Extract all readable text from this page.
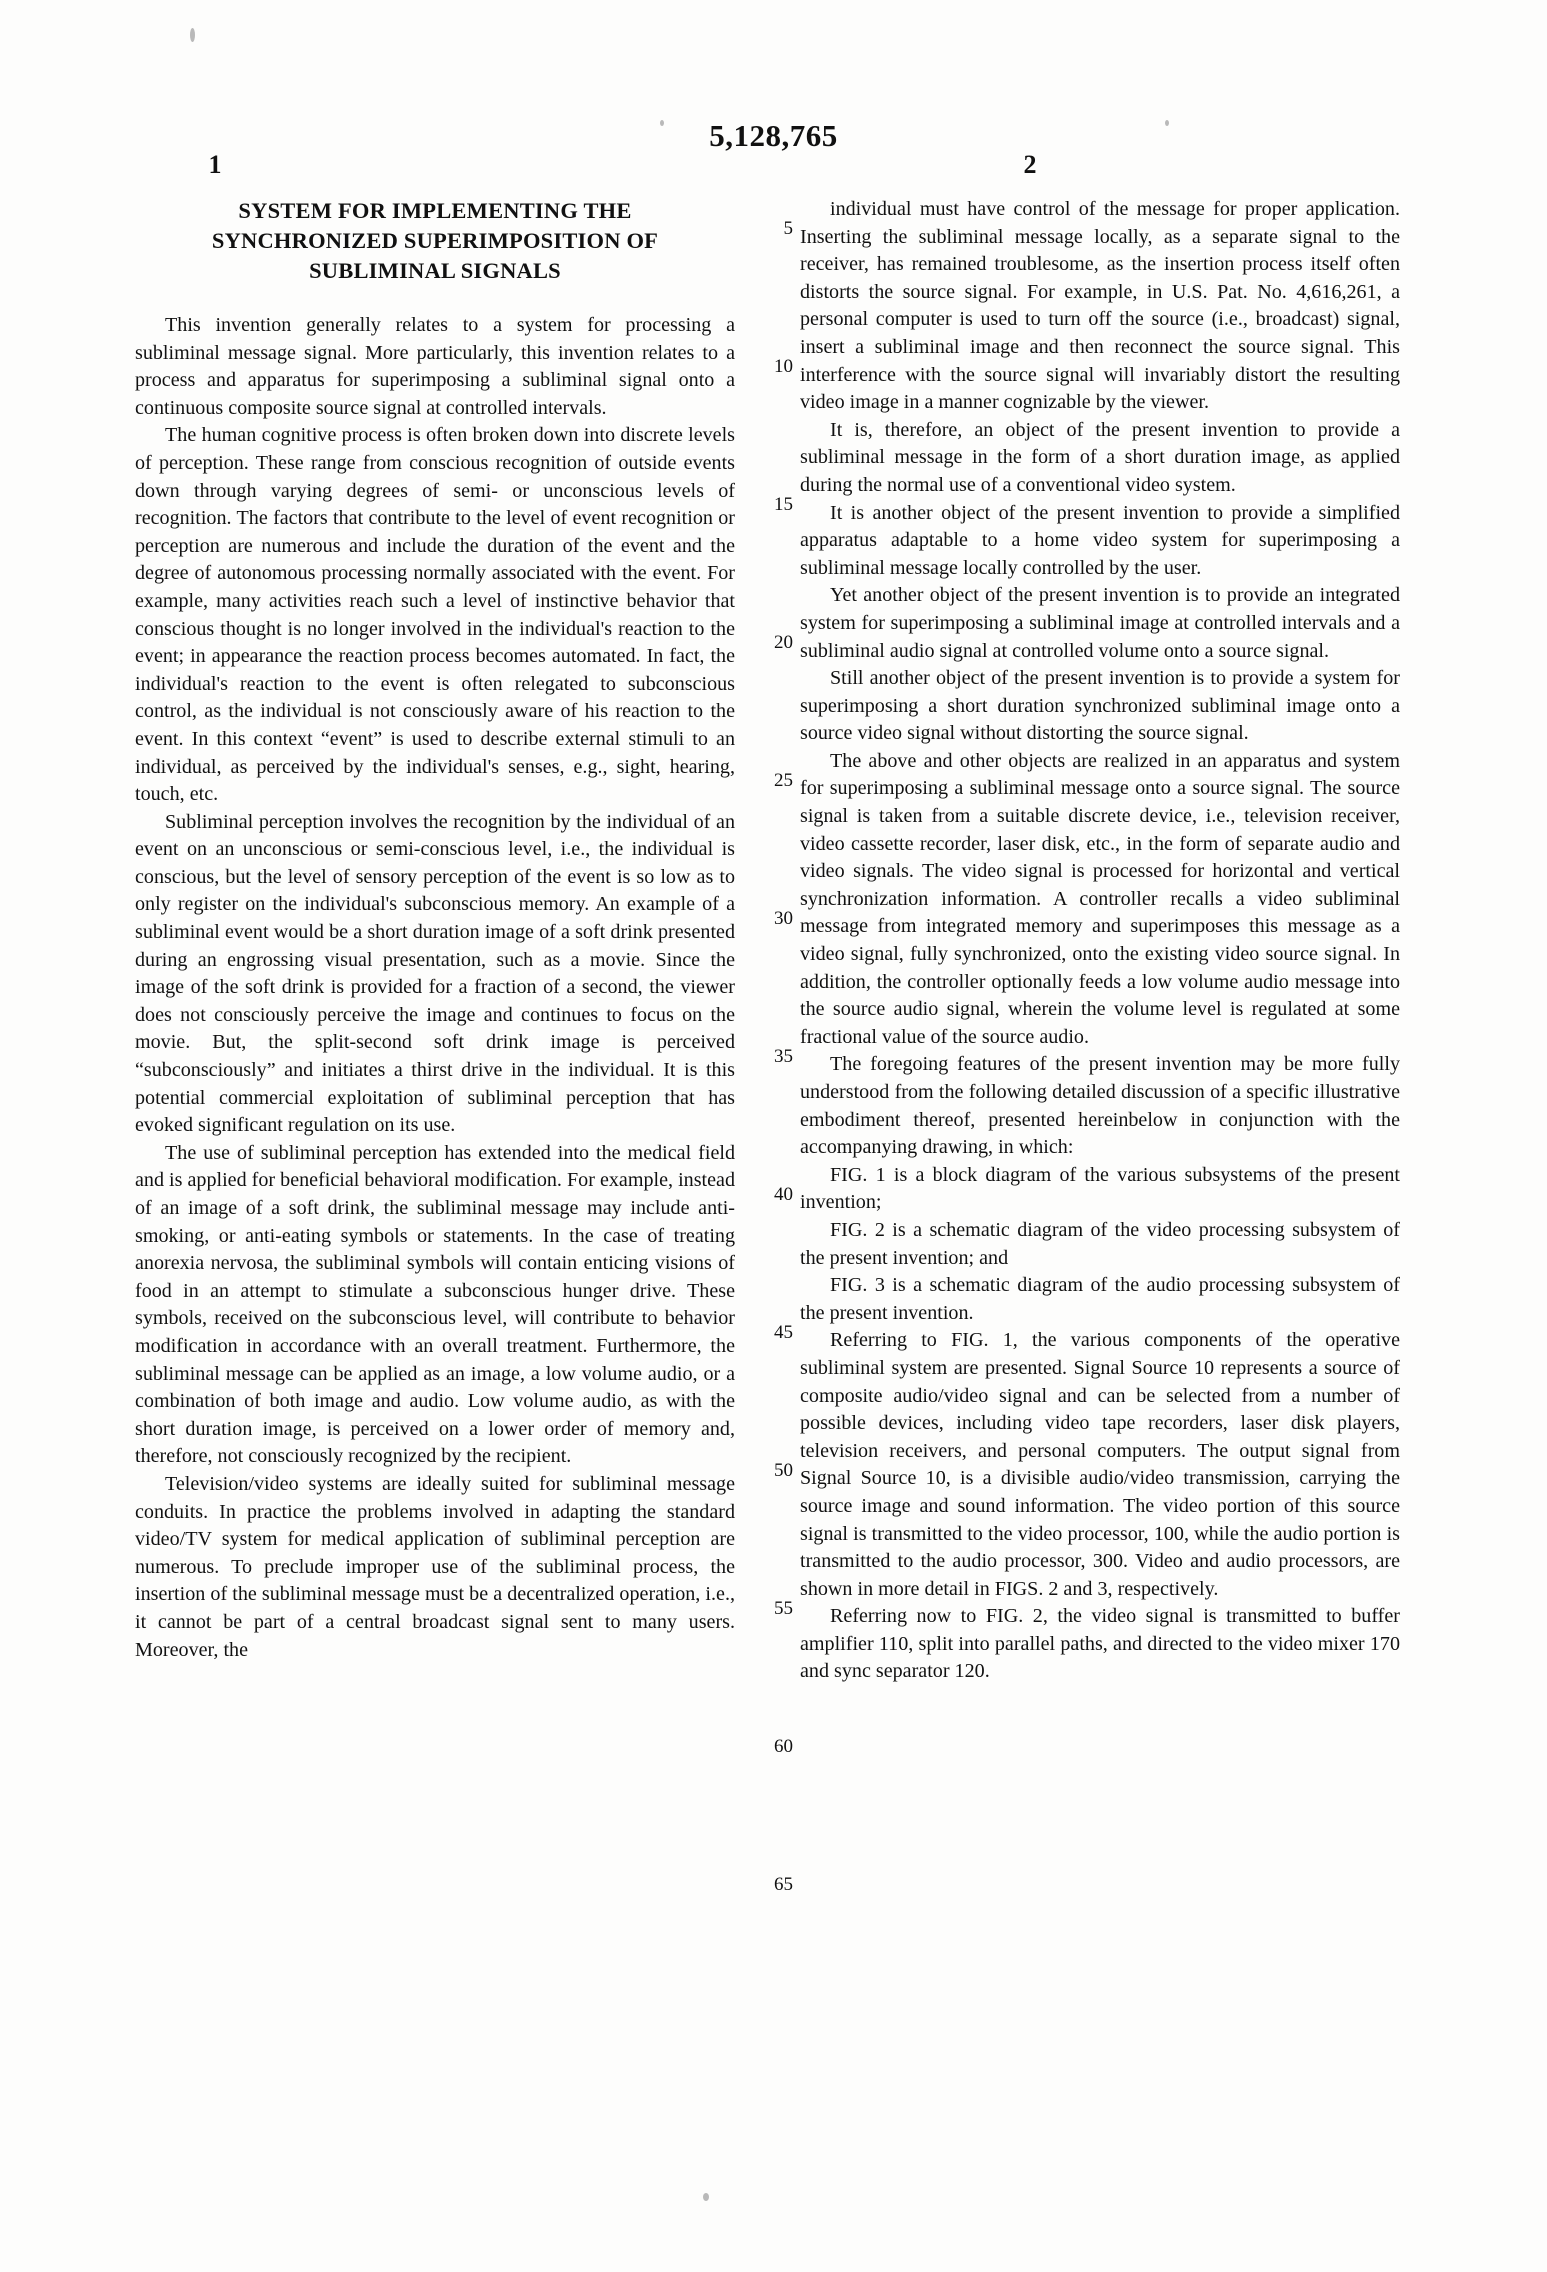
5,128,765
1	2
SYSTEM FOR IMPLEMENTING THE
SYNCHRONIZED SUPERIMPOSITION OF
SUBLIMINAL SIGNALS

This invention generally relates to a system for processing a subliminal message signal. More particularly, this invention relates to a process and apparatus for superimposing a subliminal signal onto a continuous composite source signal at controlled intervals.

The human cognitive process is often broken down into discrete levels of perception. These range from conscious recognition of outside events down through varying degrees of semi- or unconscious levels of recognition. The factors that contribute to the level of event recognition or perception are numerous and include the duration of the event and the degree of autonomous processing normally associated with the event. For example, many activities reach such a level of instinctive behavior that conscious thought is no longer involved in the individual's reaction to the event; in appearance the reaction process becomes automated. In fact, the individual's reaction to the event is often relegated to subconscious control, as the individual is not consciously aware of his reaction to the event. In this context “event” is used to describe external stimuli to an individual, as perceived by the individual's senses, e.g., sight, hearing, touch, etc.

Subliminal perception involves the recognition by the individual of an event on an unconscious or semi-conscious level, i.e., the individual is conscious, but the level of sensory perception of the event is so low as to only register on the individual's subconscious memory. An example of a subliminal event would be a short duration image of a soft drink presented during an engrossing visual presentation, such as a movie. Since the image of the soft drink is provided for a fraction of a second, the viewer does not consciously perceive the image and continues to focus on the movie. But, the split-second soft drink image is perceived “subconsciously” and initiates a thirst drive in the individual. It is this potential commercial exploitation of subliminal perception that has evoked significant regulation on its use.

The use of subliminal perception has extended into the medical field and is applied for beneficial behavioral modification. For example, instead of an image of a soft drink, the subliminal message may include anti-smoking, or anti-eating symbols or statements. In the case of treating anorexia nervosa, the subliminal symbols will contain enticing visions of food in an attempt to stimulate a subconscious hunger drive. These symbols, received on the subconscious level, will contribute to behavior modification in accordance with an overall treatment. Furthermore, the subliminal message can be applied as an image, a low volume audio, or a combination of both image and audio. Low volume audio, as with the short duration image, is perceived on a lower order of memory and, therefore, not consciously recognized by the recipient.

Television/video systems are ideally suited for subliminal message conduits. In practice the problems involved in adapting the standard video/TV system for medical application of subliminal perception are numerous. To preclude improper use of the subliminal process, the insertion of the subliminal message must be a decentralized operation, i.e., it cannot be part of a central broadcast signal sent to many users. Moreover, the

individual must have control of the message for proper application. Inserting the subliminal message locally, as a separate signal to the receiver, has remained troublesome, as the insertion process itself often distorts the source signal. For example, in U.S. Pat. No. 4,616,261, a personal computer is used to turn off the source (i.e., broadcast) signal, insert a subliminal image and then reconnect the source signal. This interference with the source signal will invariably distort the resulting video image in a manner cognizable by the viewer.

It is, therefore, an object of the present invention to provide a subliminal message in the form of a short duration image, as applied during the normal use of a conventional video system.

It is another object of the present invention to provide a simplified apparatus adaptable to a home video system for superimposing a subliminal message locally controlled by the user.

Yet another object of the present invention is to provide an integrated system for superimposing a subliminal image at controlled intervals and a subliminal audio signal at controlled volume onto a source signal.

Still another object of the present invention is to provide a system for superimposing a short duration synchronized subliminal image onto a source video signal without distorting the source signal.

The above and other objects are realized in an apparatus and system for superimposing a subliminal message onto a source signal. The source signal is taken from a suitable discrete device, i.e., television receiver, video cassette recorder, laser disk, etc., in the form of separate audio and video signals. The video signal is processed for horizontal and vertical synchronization information. A controller recalls a video subliminal message from integrated memory and superimposes this message as a video signal, fully synchronized, onto the existing video source signal. In addition, the controller optionally feeds a low volume audio message into the source audio signal, wherein the volume level is regulated at some fractional value of the source audio.

The foregoing features of the present invention may be more fully understood from the following detailed discussion of a specific illustrative embodiment thereof, presented hereinbelow in conjunction with the accompanying drawing, in which:

FIG. 1 is a block diagram of the various subsystems of the present invention;

FIG. 2 is a schematic diagram of the video processing subsystem of the present invention; and

FIG. 3 is a schematic diagram of the audio processing subsystem of the present invention.

Referring to FIG. 1, the various components of the operative subliminal system are presented. Signal Source 10 represents a source of composite audio/video signal and can be selected from a number of possible devices, including video tape recorders, laser disk players, television receivers, and personal computers. The output signal from Signal Source 10, is a divisible audio/video transmission, carrying the source image and sound information. The video portion of this source signal is transmitted to the video processor, 100, while the audio portion is transmitted to the audio processor, 300. Video and audio processors, are shown in more detail in FIGS. 2 and 3, respectively.

Referring now to FIG. 2, the video signal is transmitted to buffer amplifier 110, split into parallel paths, and directed to the video mixer 170 and sync separator 120.

5
10
15
20
25
30
35
40
45
50
55
60
65
